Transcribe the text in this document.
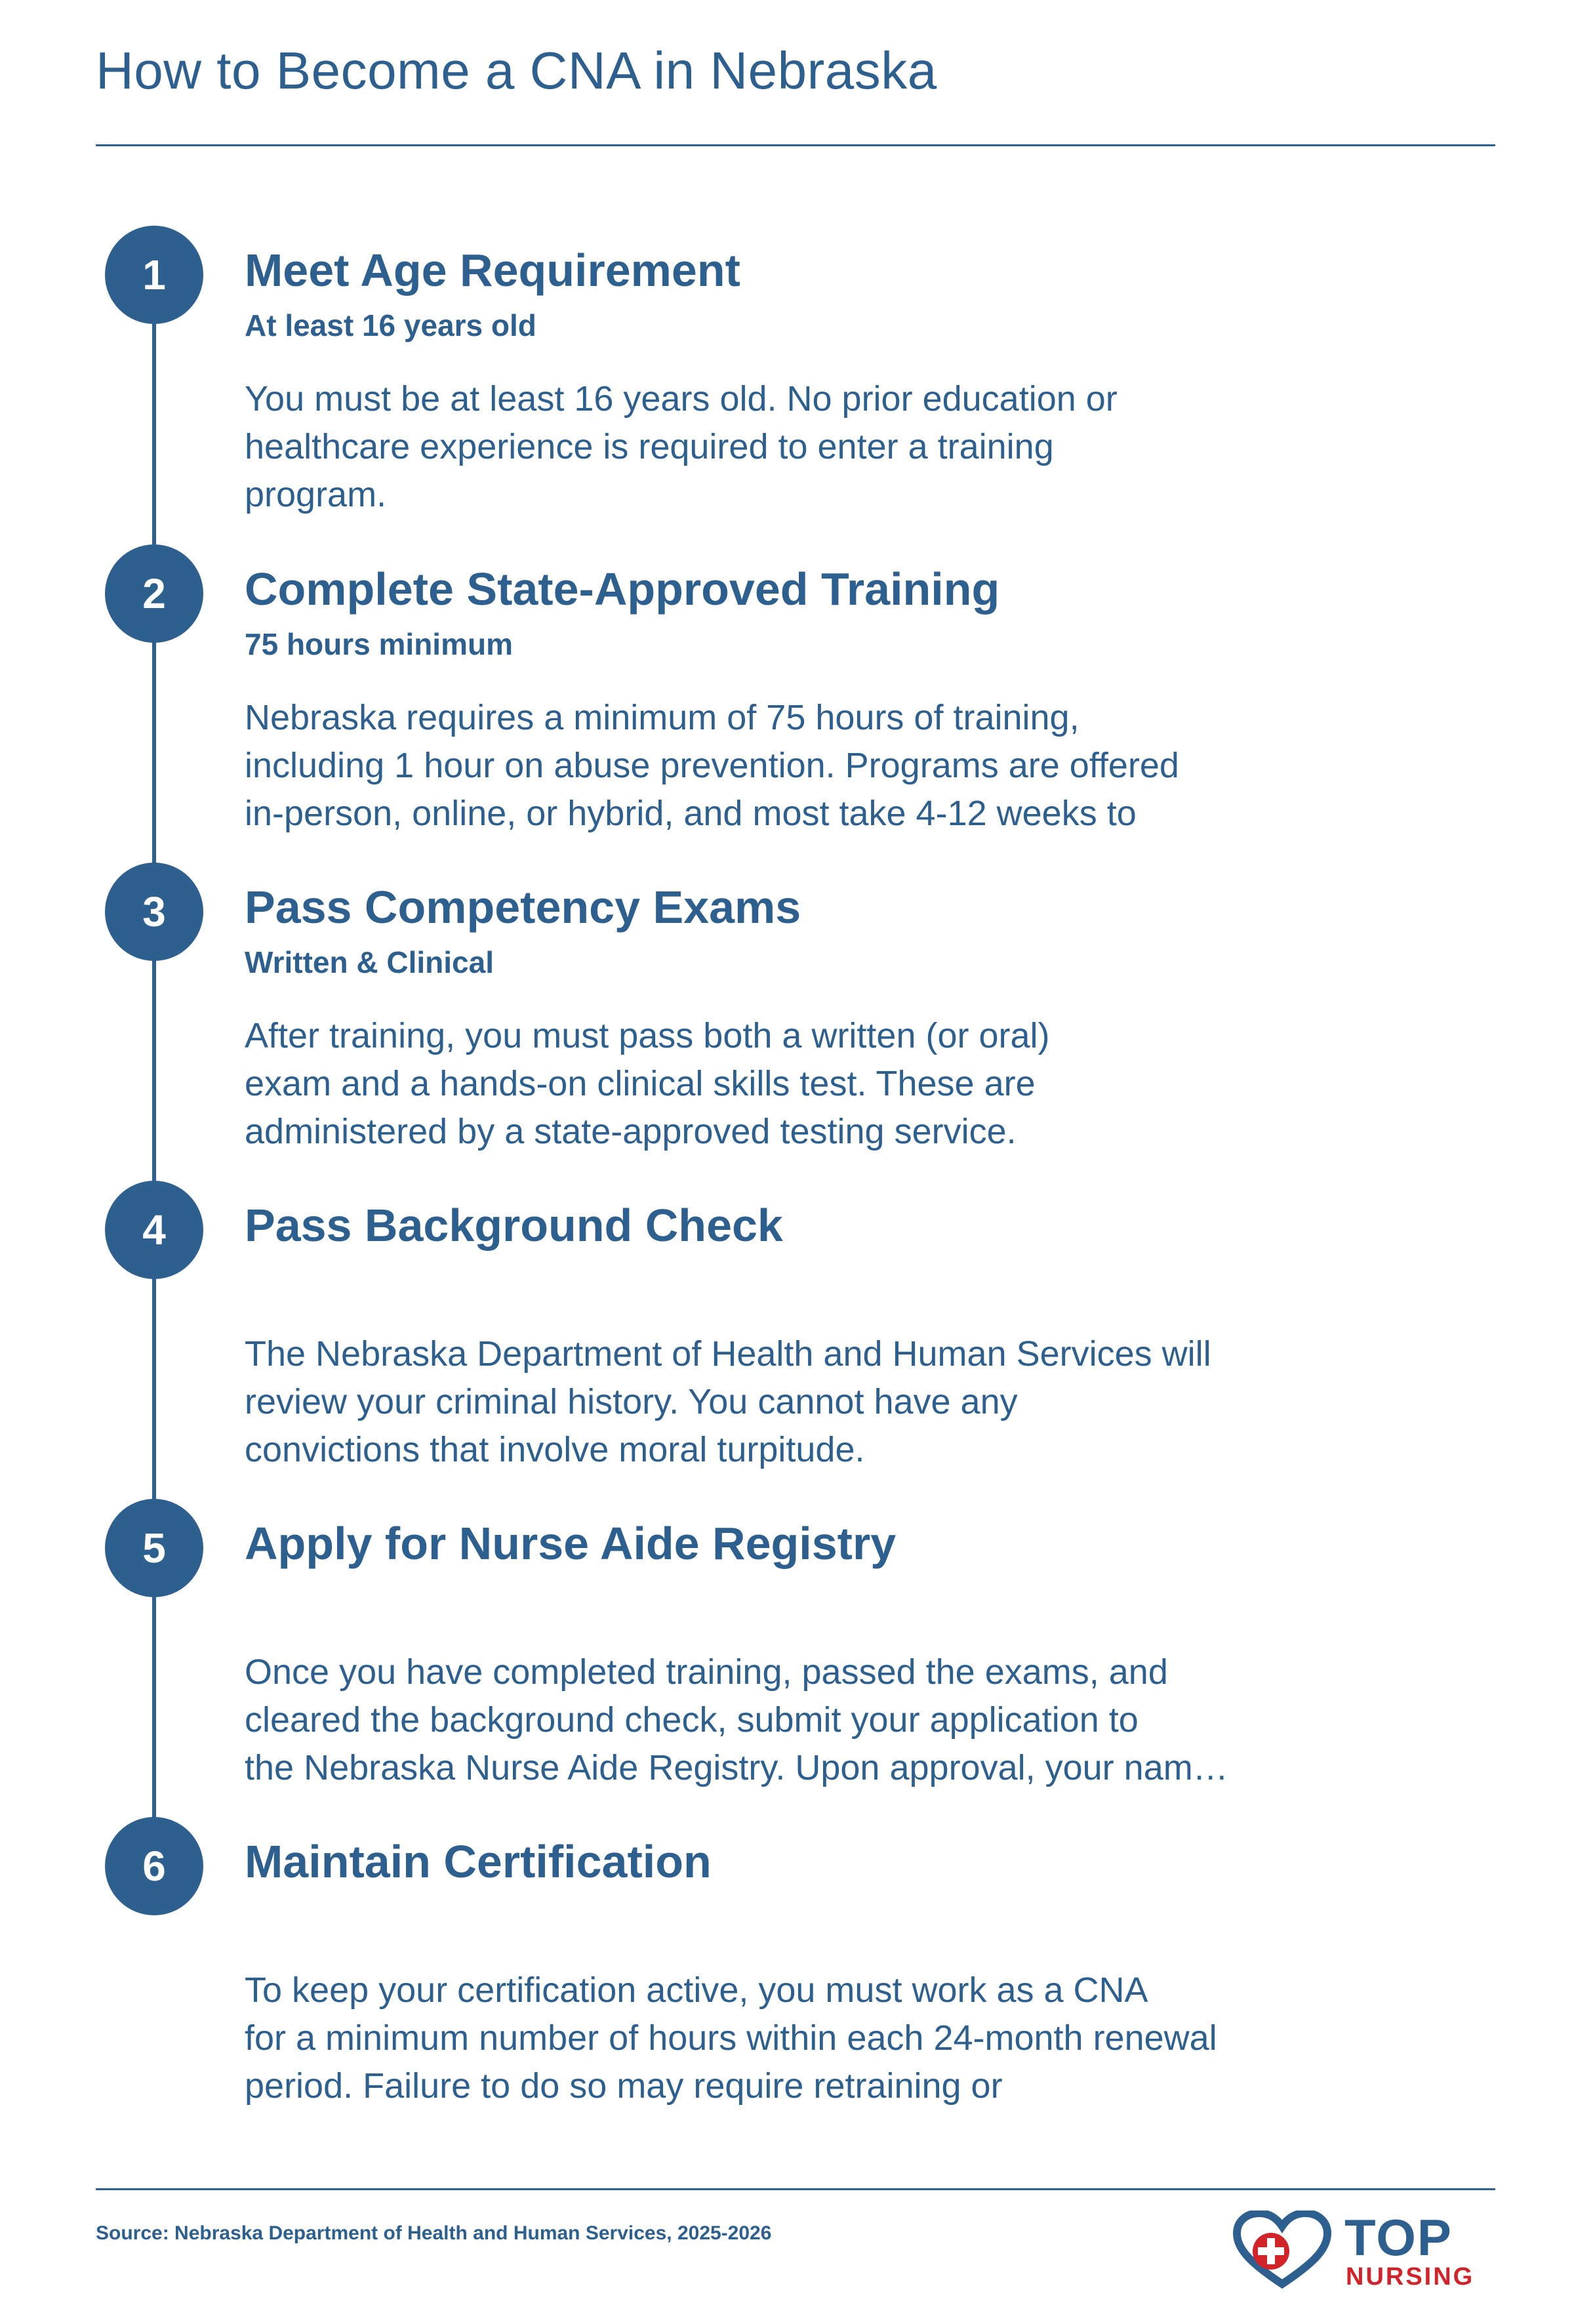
How to Become a CNA in Nebraska
1	Meet Age Requirement
At least 16 years old
You must be at least 16 years old. No prior education or
healthcare experience is required to enter a training
program.
2	Complete State-Approved Training
75 hours minimum
Nebraska requires a minimum of 75 hours of training,
including 1 hour on abuse prevention. Programs are offered
in-person, online, or hybrid, and most take 4-12 weeks to
3	Pass Competency Exams
Written & Clinical
After training, you must pass both a written (or oral)
exam and a hands-on clinical skills test. These are
administered by a state-approved testing service.
4	Pass Background Check
The Nebraska Department of Health and Human Services will
review your criminal history. You cannot have any
convictions that involve moral turpitude.
5	Apply for Nurse Aide Registry
Once you have completed training, passed the exams, and
cleared the background check, submit your application to
the Nebraska Nurse Aide Registry. Upon approval, your nam…
6	Maintain Certification
To keep your certification active, you must work as a CNA
for a minimum number of hours within each 24-month renewal
period. Failure to do so may require retraining or
Source: Nebraska Department of Health and Human Services, 2025-2026	TOP
NURSING
